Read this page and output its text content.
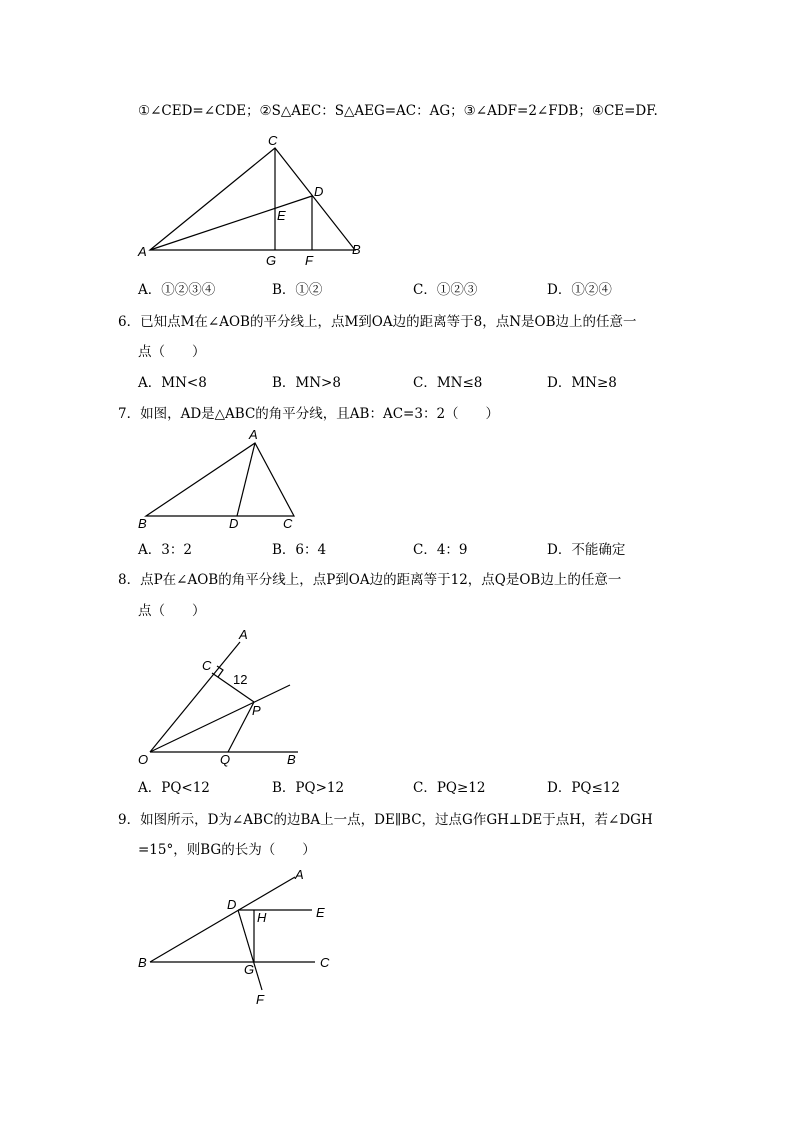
①∠CED=∠CDE；②S△AEC：S△AEG=AC：AG；③∠ADF=2∠FDB；④CE=DF.
C
D
E
A	B
G F
A．①②③④	B．①②	C．①②③	D．①②④
6．已知点M在∠AOB的平分线上，点M到OA边的距离等于8，点N是OB边上的任意一
点（　　）
A．MN<8	B．MN>8	C．MN≤8	D．MN≥8
7．如图，AD是△ABC的角平分线，且AB：AC=3：2（　　）
A
B	D	C
A．3：2	B．6：4	C．4：9	D．不能确定
8．点P在∠AOB的角平分线上，点P到OA边的距离等于12，点Q是OB边上的任意一
点（　　）
A
C
12
P
O	Q	B
A．PQ<12	B．PQ>12	C．PQ≥12	D．PQ≤12
9．如图所示，D为∠ABC的边BA上一点，DE∥BC，过点G作GH⊥DE于点H，若∠DGH
=15°，则BG的长为（　　）
A
D
H	E
B	G	C
F
